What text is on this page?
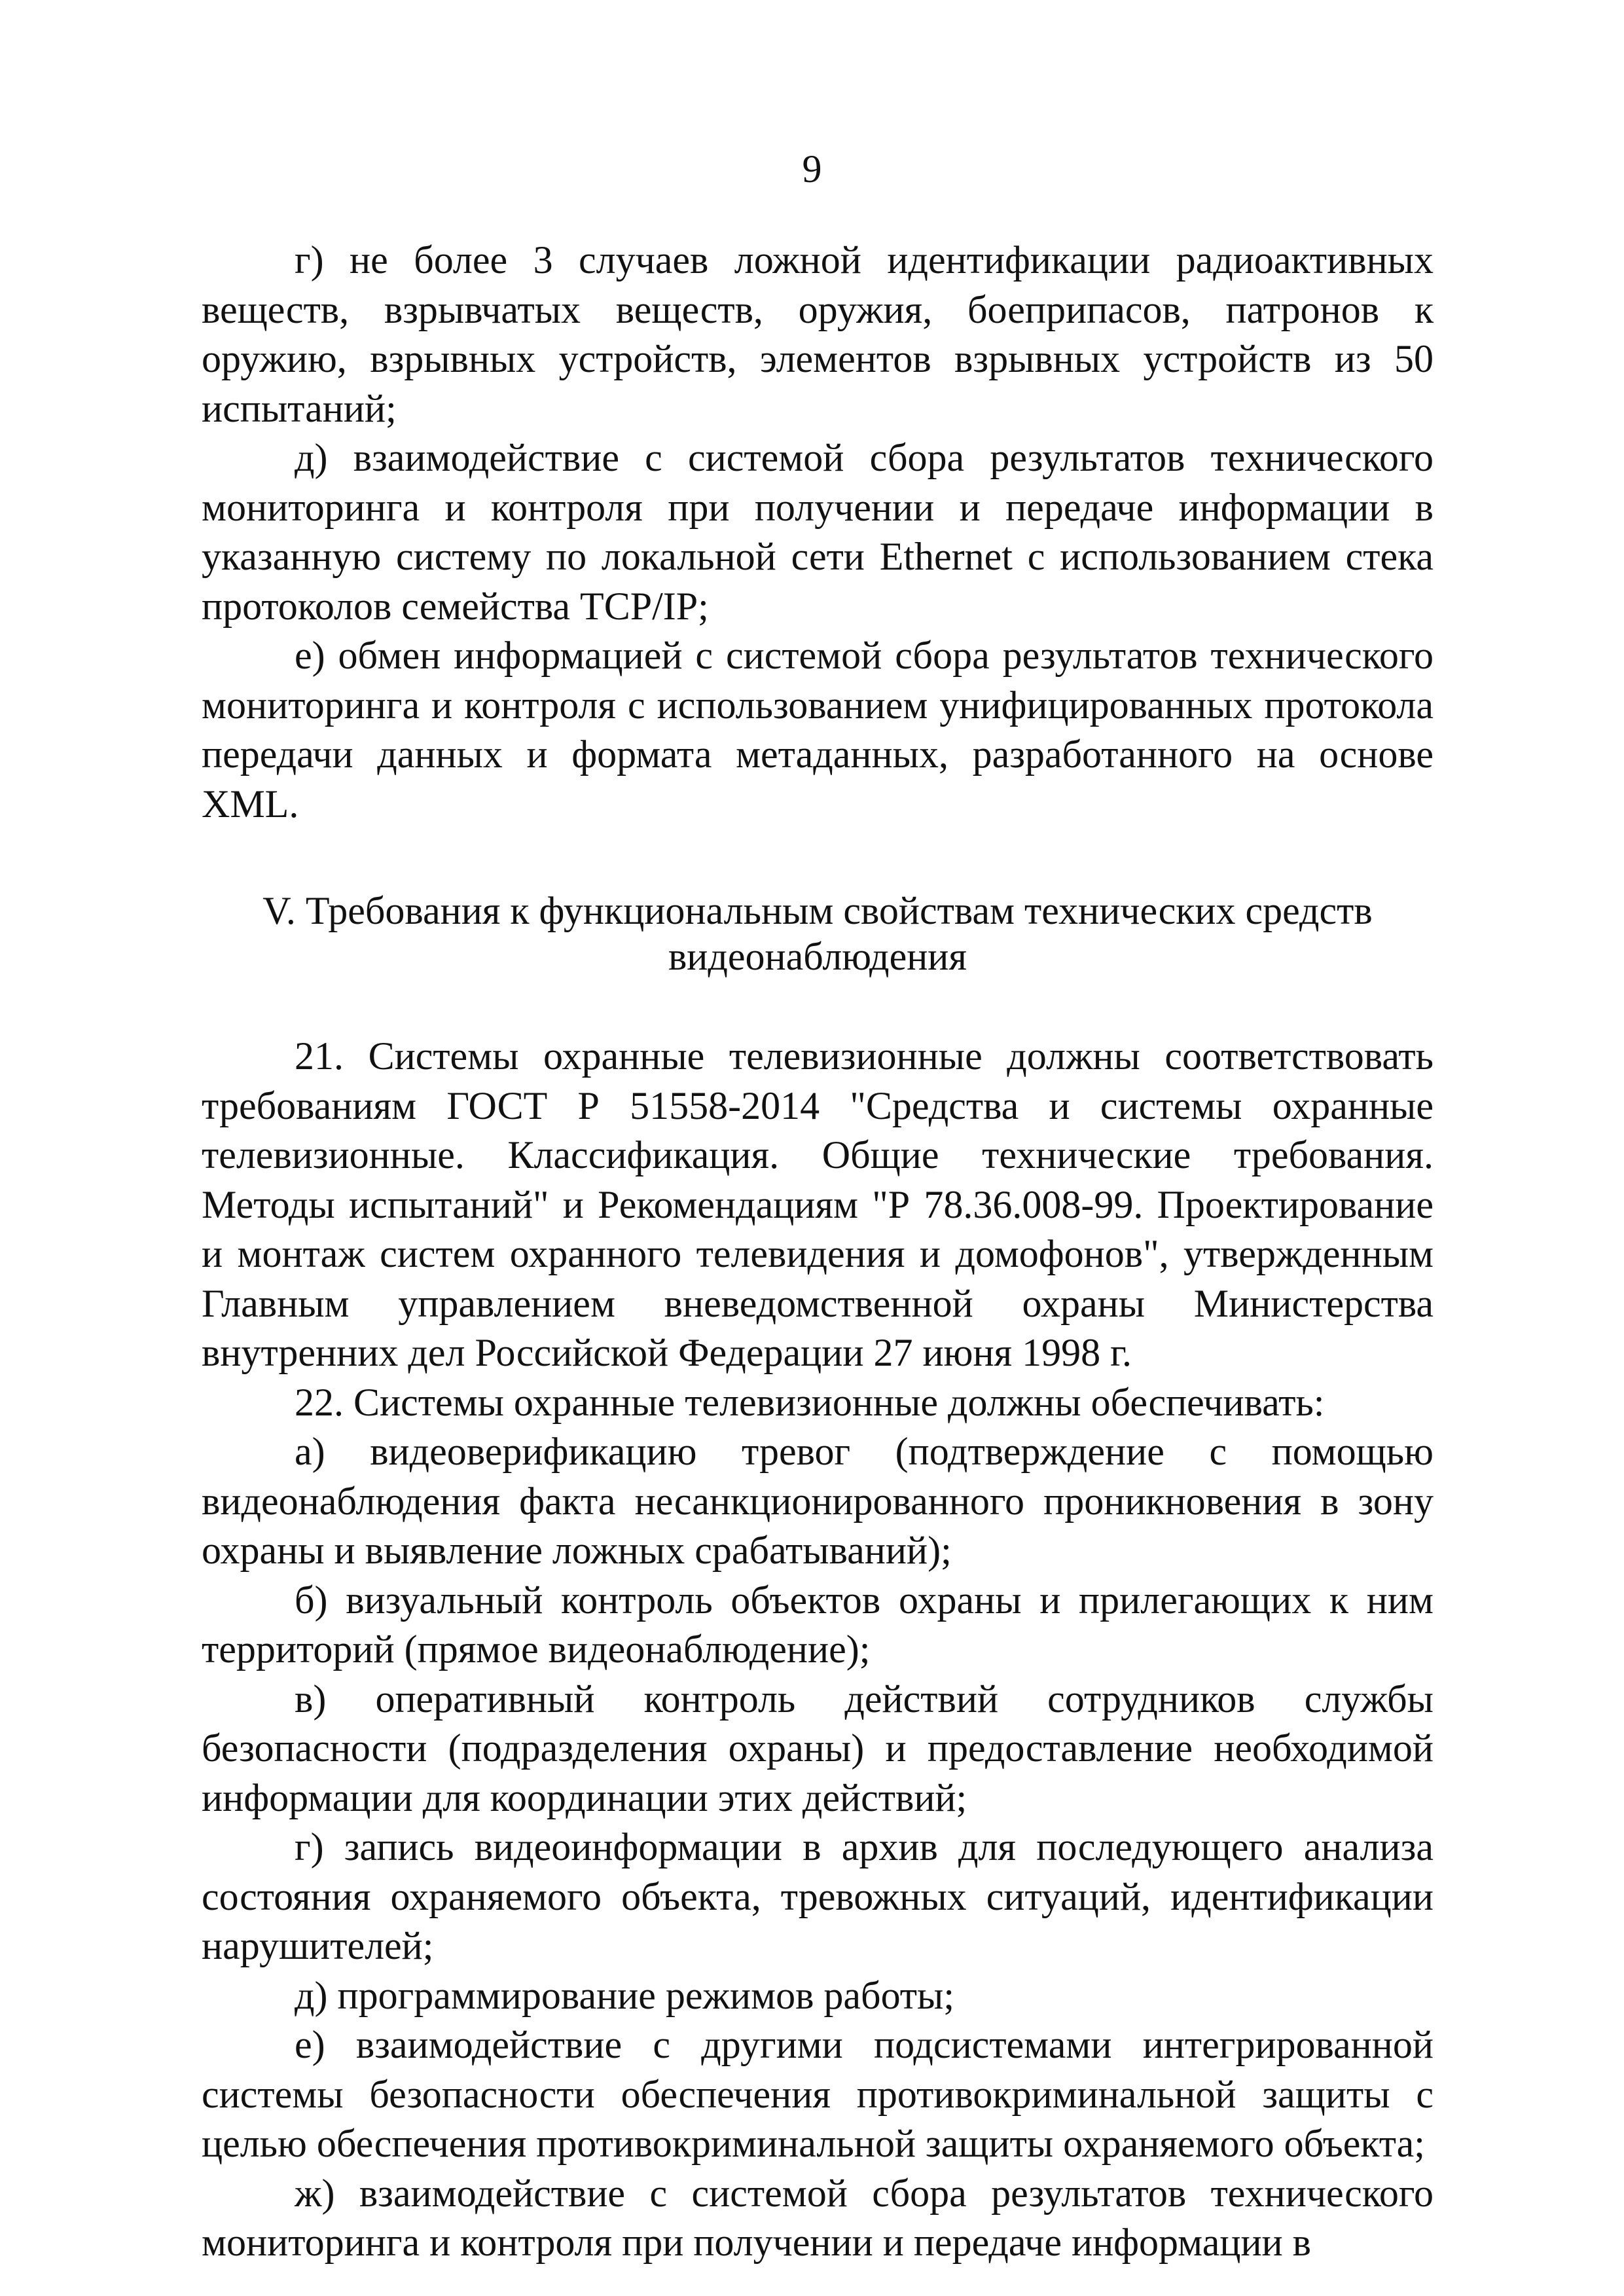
9

г) не более 3 случаев ложной идентификации радиоактивных веществ, взрывчатых веществ, оружия, боеприпасов, патронов к оружию, взрывных устройств, элементов взрывных устройств из 50 испытаний;

д) взаимодействие с системой сбора результатов технического мониторинга и контроля при получении и передаче информации в указанную систему по локальной сети Ethernet с использованием стека протоколов семейства TCP/IP;

е) обмен информацией с системой сбора результатов технического мониторинга и контроля с использованием унифицированных протокола передачи данных и формата метаданных, разработанного на основе XML.

V. Требования к функциональным свойствам технических средств
видеонаблюдения

21. Системы охранные телевизионные должны соответствовать требованиям ГОСТ Р 51558-2014 "Средства и системы охранные телевизионные. Классификация. Общие технические требования. Методы испытаний" и Рекомендациям "Р 78.36.008-99. Проектирование и монтаж систем охранного телевидения и домофонов", утвержденным Главным управлением вневедомственной охраны Министерства внутренних дел Российской Федерации 27 июня 1998 г.

22. Системы охранные телевизионные должны обеспечивать:

а) видеоверификацию тревог (подтверждение с помощью видеонаблюдения факта несанкционированного проникновения в зону охраны и выявление ложных срабатываний);

б) визуальный контроль объектов охраны и прилегающих к ним территорий (прямое видеонаблюдение);

в) оперативный контроль действий сотрудников службы безопасности (подразделения охраны) и предоставление необходимой информации для координации этих действий;

г) запись видеоинформации в архив для последующего анализа состояния охраняемого объекта, тревожных ситуаций, идентификации нарушителей;

д) программирование режимов работы;

е) взаимодействие с другими подсистемами интегрированной системы безопасности обеспечения противокриминальной защиты с целью обеспечения противокриминальной защиты охраняемого объекта;

ж) взаимодействие с системой сбора результатов технического мониторинга и контроля при получении и передаче информации в
